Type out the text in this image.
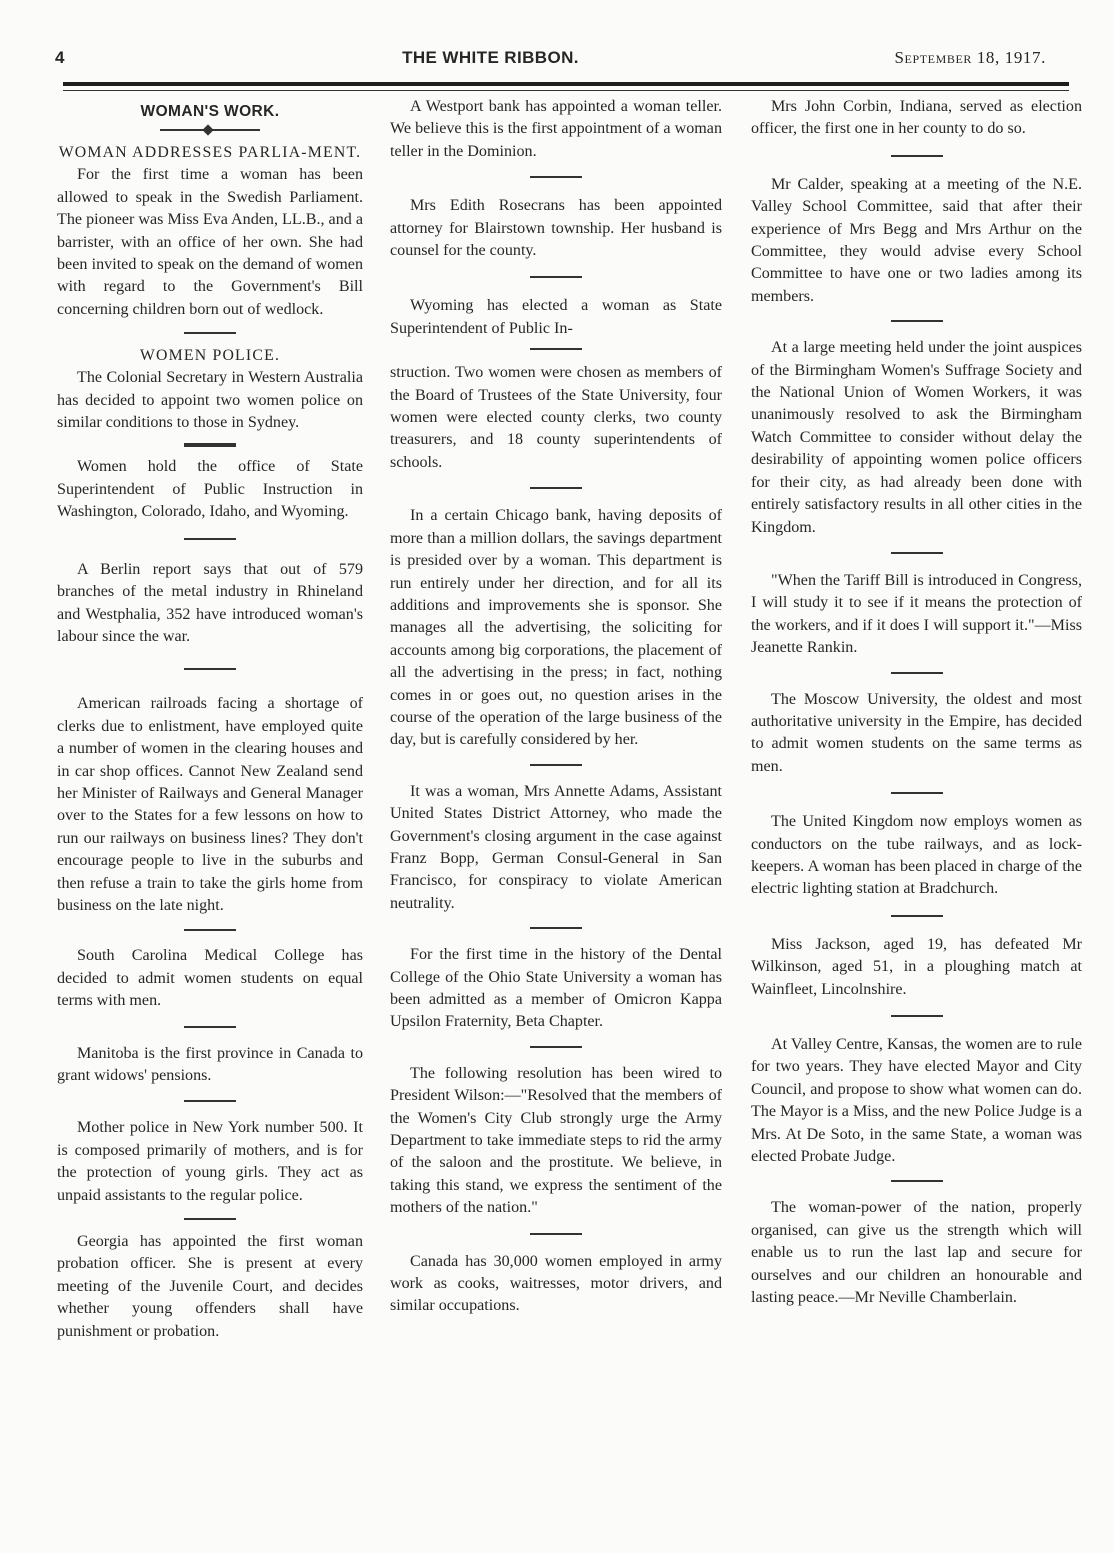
4	THE WHITE RIBBON.	September 18, 1917.
WOMAN'S WORK.
WOMAN ADDRESSES PARLIA-MENT.

For the first time a woman has been allowed to speak in the Swedish Parliament. The pioneer was Miss Eva Anden, LL.B., and a barrister, with an office of her own. She had been invited to speak on the demand of women with regard to the Government's Bill concerning children born out of wedlock.

WOMEN POLICE.

The Colonial Secretary in Western Australia has decided to appoint two women police on similar conditions to those in Sydney.

Women hold the office of State Superintendent of Public Instruction in Washington, Colorado, Idaho, and Wyoming.

A Berlin report says that out of 579 branches of the metal industry in Rhineland and Westphalia, 352 have introduced woman's labour since the war.

American railroads facing a shortage of clerks due to enlistment, have employed quite a number of women in the clearing houses and in car shop offices. Cannot New Zealand send her Minister of Railways and General Manager over to the States for a few lessons on how to run our railways on business lines? They don't encourage people to live in the suburbs and then refuse a train to take the girls home from business on the late night.

South Carolina Medical College has decided to admit women students on equal terms with men.

Manitoba is the first province in Canada to grant widows' pensions.

Mother police in New York number 500. It is composed primarily of mothers, and is for the protection of young girls. They act as unpaid assistants to the regular police.

Georgia has appointed the first woman probation officer. She is present at every meeting of the Juvenile Court, and decides whether young offenders shall have punishment or probation.

A Westport bank has appointed a woman teller. We believe this is the first appointment of a woman teller in the Dominion.

Mrs Edith Rosecrans has been appointed attorney for Blairstown township. Her husband is counsel for the county.

Wyoming has elected a woman as State Superintendent of Public In-

struction. Two women were chosen as members of the Board of Trustees of the State University, four women were elected county clerks, two county treasurers, and 18 county superintendents of schools.

In a certain Chicago bank, having deposits of more than a million dollars, the savings department is presided over by a woman. This department is run entirely under her direction, and for all its additions and improvements she is sponsor. She manages all the advertising, the soliciting for accounts among big corporations, the placement of all the advertising in the press; in fact, nothing comes in or goes out, no question arises in the course of the operation of the large business of the day, but is carefully considered by her.

It was a woman, Mrs Annette Adams, Assistant United States District Attorney, who made the Government's closing argument in the case against Franz Bopp, German Consul-General in San Francisco, for conspiracy to violate American neutrality.

For the first time in the history of the Dental College of the Ohio State University a woman has been admitted as a member of Omicron Kappa Upsilon Fraternity, Beta Chapter.

The following resolution has been wired to President Wilson:—"Resolved that the members of the Women's City Club strongly urge the Army Department to take immediate steps to rid the army of the saloon and the prostitute. We believe, in taking this stand, we express the sentiment of the mothers of the nation."

Canada has 30,000 women employed in army work as cooks, waitresses, motor drivers, and similar occupations.

Mrs John Corbin, Indiana, served as election officer, the first one in her county to do so.

Mr Calder, speaking at a meeting of the N.E. Valley School Committee, said that after their experience of Mrs Begg and Mrs Arthur on the Committee, they would advise every School Committee to have one or two ladies among its members.

At a large meeting held under the joint auspices of the Birmingham Women's Suffrage Society and the National Union of Women Workers, it was unanimously resolved to ask the Birmingham Watch Committee to consider without delay the desirability of appointing women police officers for their city, as had already been done with entirely satisfactory results in all other cities in the Kingdom.

"When the Tariff Bill is introduced in Congress, I will study it to see if it means the protection of the workers, and if it does I will support it."—Miss Jeanette Rankin.

The Moscow University, the oldest and most authoritative university in the Empire, has decided to admit women students on the same terms as men.

The United Kingdom now employs women as conductors on the tube railways, and as lock-keepers. A woman has been placed in charge of the electric lighting station at Bradchurch.

Miss Jackson, aged 19, has defeated Mr Wilkinson, aged 51, in a ploughing match at Wainfleet, Lincolnshire.

At Valley Centre, Kansas, the women are to rule for two years. They have elected Mayor and City Council, and propose to show what women can do. The Mayor is a Miss, and the new Police Judge is a Mrs. At De Soto, in the same State, a woman was elected Probate Judge.

The woman-power of the nation, properly organised, can give us the strength which will enable us to run the last lap and secure for ourselves and our children an honourable and lasting peace.—Mr Neville Chamberlain.
